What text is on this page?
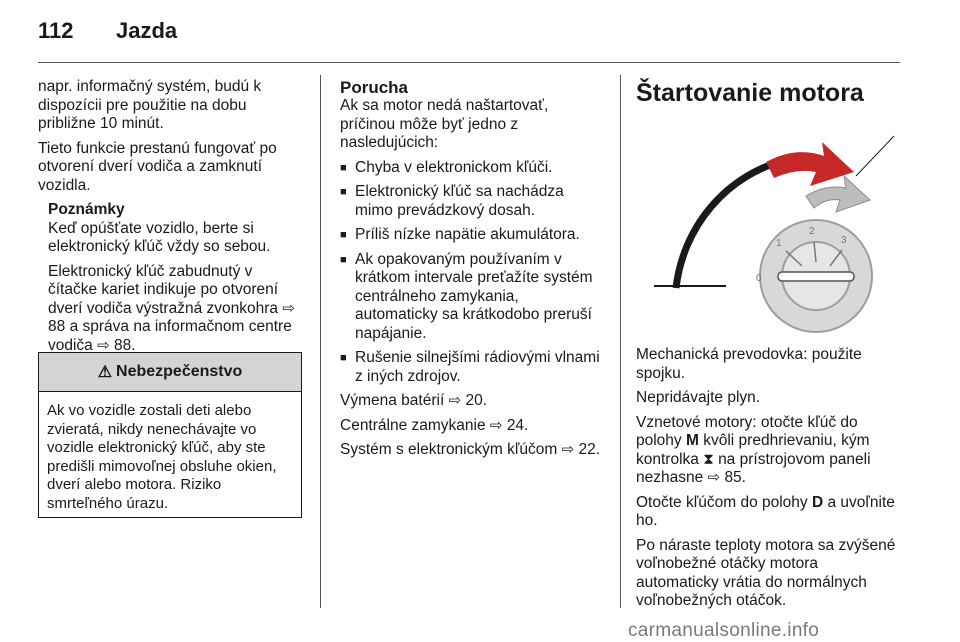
112 Jazda

napr. informačný systém, budú k dispozícii pre použitie na dobu približne 10 minút.

Tieto funkcie prestanú fungovať po otvorení dverí vodiča a zamknutí vozidla.

Poznámky

Keď opúšťate vozidlo, berte si elektronický kľúč vždy so sebou.

Elektronický kľúč zabudnutý v čítačke kariet indikuje po otvorení dverí vodiča výstražná zvonkohra ⇨ 88 a správa na informačnom centre vodiča ⇨ 88.

⚠ Nebezpečenstvo
Ak vo vozidle zostali deti alebo zvieratá, nikdy nenechávajte vo vozidle elektronický kľúč, aby ste predišli mimovoľnej obsluhe okien, dverí alebo motora. Riziko smrteľného úrazu.

Porucha

Ak sa motor nedá naštartovať, príčinou môže byť jedno z nasledujúcich:

■ Chyba v elektronickom kľúči.

■ Elektronický kľúč sa nachádza mimo prevádzkový dosah.

■ Príliš nízke napätie akumulátora.

■ Ak opakovaným používaním v krátkom intervale preťažíte systém centrálneho zamykania, automaticky sa krátkodobo preruší napájanie.

■ Rušenie silnejšími rádiovými vlnami z iných zdrojov.

Výmena batérií ⇨ 20.

Centrálne zamykanie ⇨ 24.

Systém s elektronickým kľúčom ⇨ 22.

Štartovanie motora

0
1
2
3

Mechanická prevodovka: použite spojku.

Nepridávajte plyn.

Vznetové motory: otočte kľúč do polohy M kvôli predhrievaniu, kým kontrolka ⧗ na prístrojovom paneli nezhasne ⇨ 85.

Otočte kľúčom do polohy D a uvoľnite ho.

Po náraste teploty motora sa zvýšené voľnobežné otáčky motora automaticky vrátia do normálnych voľnobežných otáčok.

carmanualsonline.info
